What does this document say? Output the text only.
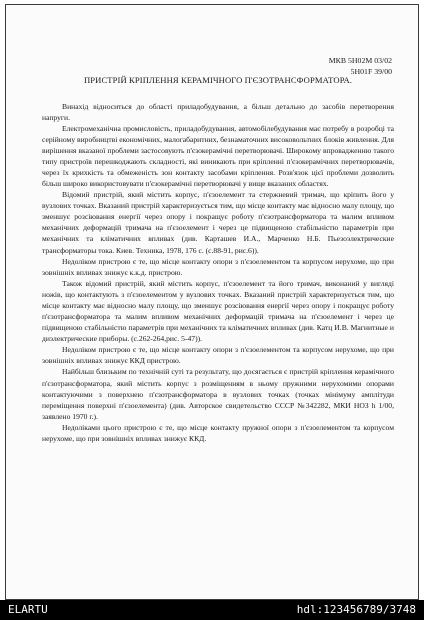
МКВ 5Н02М 03/02
5Н01F 39/00
ПРИСТРІЙ КРІПЛЕННЯ КЕРАМІЧНОГО П'ЄЗОТРАНСФОРМАТОРА.

Винахід відноситься до області приладобудування, а більш детально до засобів перетворення напруги.

Електромеханічна промисловість, приладобудування, автомобілебудування має потребу в розробці та серійному виробництві економічних, малогабаритних, безнаматочних високовольтних блоків живлення. Для вирішення вказаної проблеми застосовують п'єзокерамічні перетворювачі. Широкому впровадженню такого типу пристроїв перешкоджають складності, які виникають при кріпленні п'єзокерамічних перетворювачів, через їх крихкість та обмеженість зон контакту засобами кріплення. Розв'язок цієї проблеми дозволить більш широко використовувати п'єзокерамічні перетворювачі у вище вказаних областях.

Відомий пристрій, який містить корпус, п'єзоелемент та стержневий тримач, що кріпить його у вузлових точках. Вказаний пристрій характеризується тим, що місце контакту має відносно малу площу, що зменшує розсіювання енергії через опору і покращує роботу п'єзотрансформатора та малим впливом механічних деформацій тримача на п'єзоелемент і через це підвищеною стабільністю параметрів при механічних та кліматичних впливах (див. Карташев И.А., Марченко Н.Б. Пьезоэлектрические трансформаторы тока. Киев. Техника, 1978, 176 с. (с.88-91, рис.6)).

Недоліком пристрою є те, що місце контакту опори з п'єзоелементом та корпусом нерухоме, що при зовнішніх впливах знижує к.к.д. пристрою.

Також відомий пристрій, який містить корпус, п'єзоелемент та його тримач, виконаний у вигляді ножів, що контактують з п'єзоелементом у вузлових точках. Вказаний пристрій характеризується тим, що місце контакту має відносно малу площу, що зменшує розсіювання енергії через опору і покращує роботу п'єзотрансформатора та малим впливом механічних деформацій тримача на п'єзоелемент і через це підвищеною стабільністю параметрів при механічних та кліматичних впливах (див. Катц И.В. Магнитные и диэлектрические приборы. (с.262-264,рис. 5-47)).

Недоліком пристрою є те, що місце контакту опори з п'єзоелементом та корпусом нерухоме, що при зовнішніх впливах знижує ККД пристрою.

Найбільш близьким по технічній суті та результату, що досягається є пристрій кріплення керамічного п'єзотрансформатора, який містить корпус з розміщенням в ньому пружними нерухомими опорами контактуючими з поверхнею п'єзотрансформатора в вузлових точках (точках мінімуму амплітуди переміщення поверхні п'єзоелемента) (див. Авторское свидетельство СССР №342282, МКИ НОЗ h 1/00, заявлено 1970 г.).

Недоліками цього пристрою є те, що місце контакту пружної опори з п'єзоелементом та корпусом нерухоме, що при зовнішніх впливах знижує ККД.

ELARTU	hdl:123456789/3748
